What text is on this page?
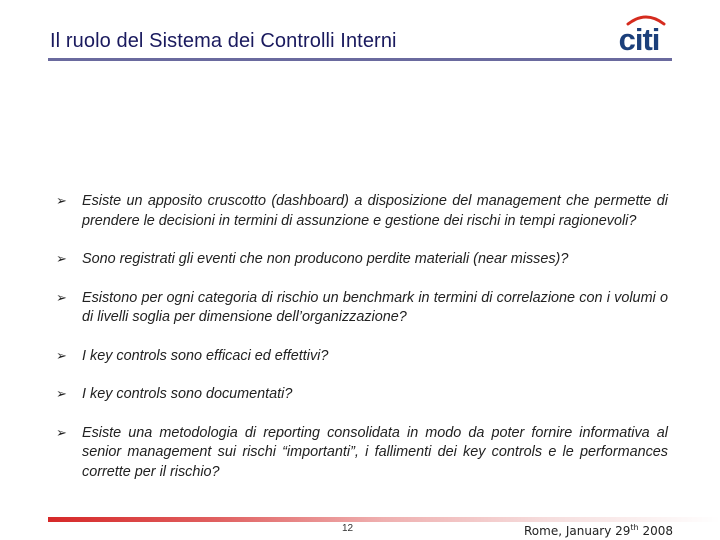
Il ruolo del Sistema dei Controlli Interni	citi
➢ Esiste un apposito cruscotto (dashboard) a disposizione del management che permette di prendere le decisioni in termini di assunzione e gestione dei rischi in tempi ragionevoli?
➢ Sono registrati gli eventi che non producono perdite materiali (near misses)?
➢ Esistono per ogni categoria di rischio un benchmark in termini di correlazione con i volumi o di livelli soglia per dimensione dell’organizzazione?
➢ I key controls sono efficaci ed effettivi?
➢ I key controls sono documentati?
➢ Esiste una metodologia di reporting consolidata in modo da poter fornire informativa al senior management sui rischi “importanti”, i fallimenti dei key controls e le performances corrette per il rischio?
12	Rome, January 29th 2008
